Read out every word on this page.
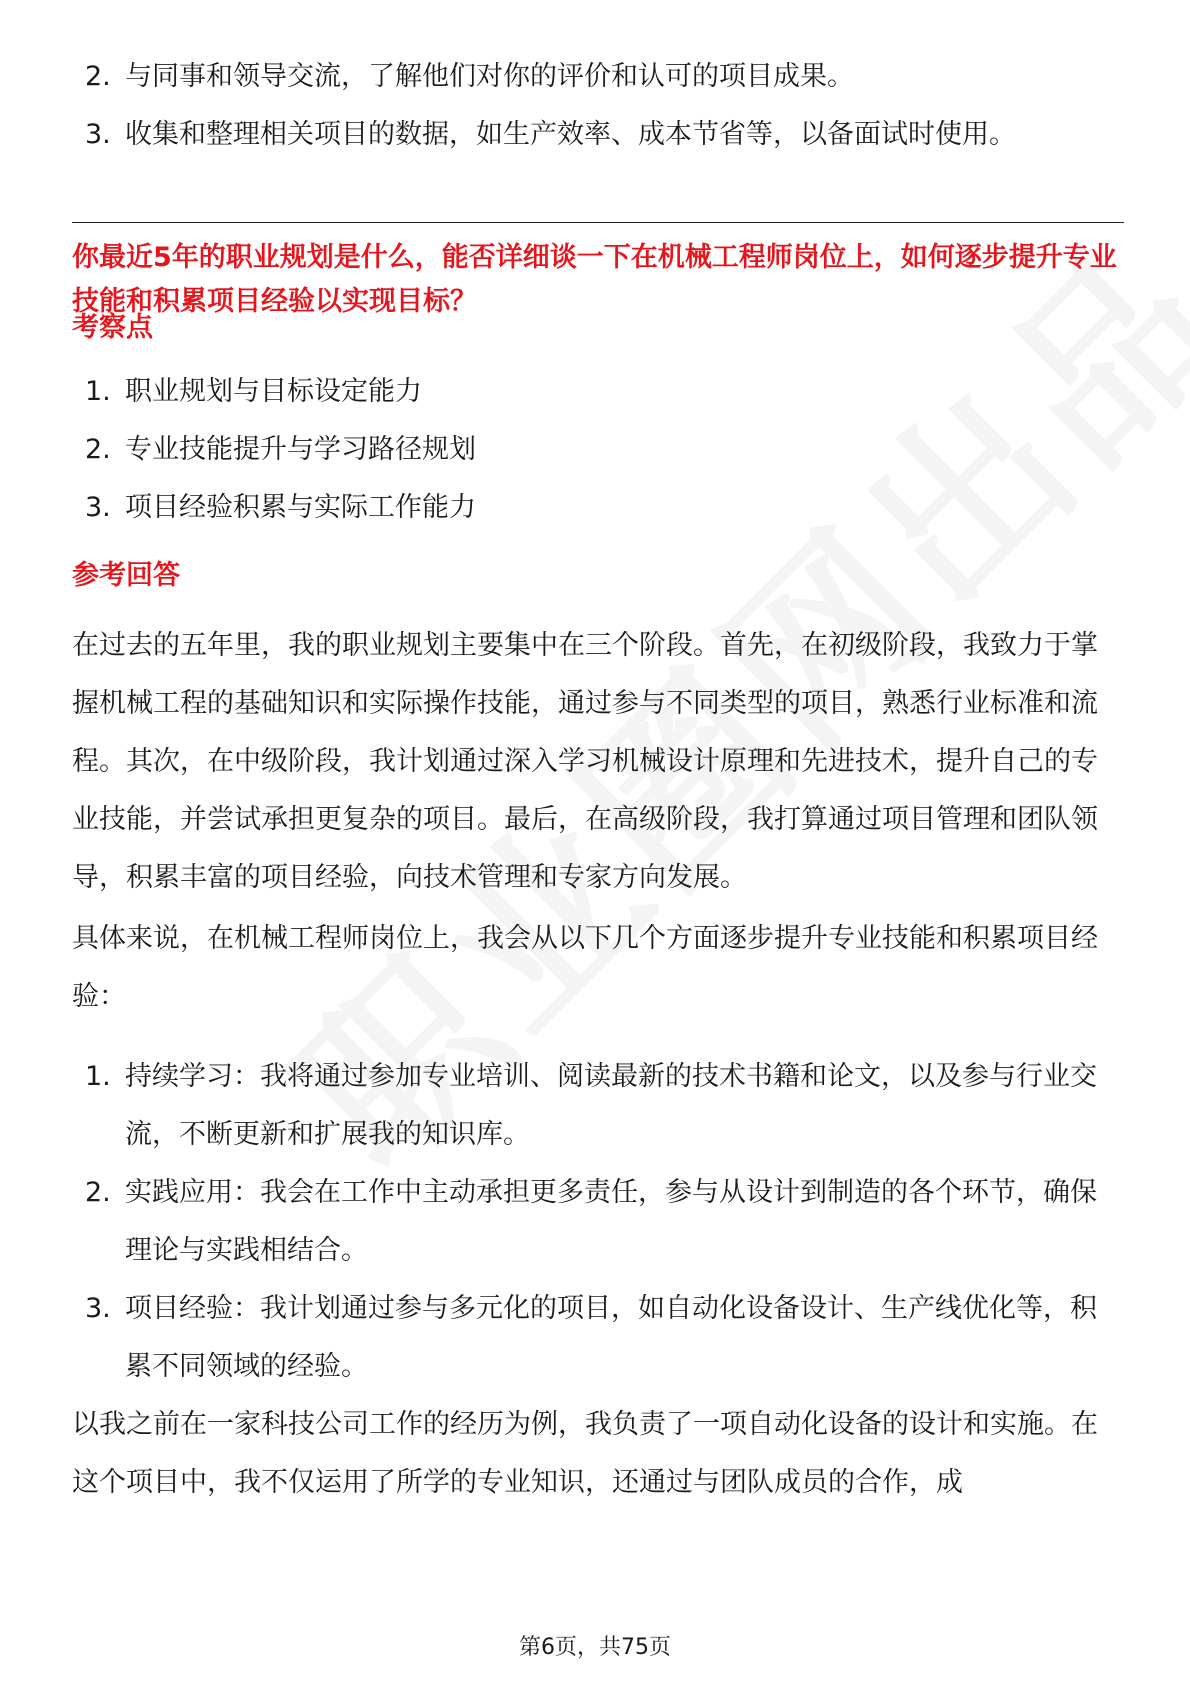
2. 与同事和领导交流，了解他们对你的评价和认可的项目成果。
3. 收集和整理相关项目的数据，如生产效率、成本节省等，以备面试时使用。
你最近5年的职业规划是什么，能否详细谈一下在机械工程师岗位上，如何逐步提升专业技能和积累项目经验以实现目标？
考察点
1. 职业规划与目标设定能力
2. 专业技能提升与学习路径规划
3. 项目经验积累与实际工作能力
参考回答

在过去的五年里，我的职业规划主要集中在三个阶段。首先，在初级阶段，我致力于掌握机械工程的基础知识和实际操作技能，通过参与不同类型的项目，熟悉行业标准和流程。其次，在中级阶段，我计划通过深入学习机械设计原理和先进技术，提升自己的专业技能，并尝试承担更复杂的项目。最后，在高级阶段，我打算通过项目管理和团队领导，积累丰富的项目经验，向技术管理和专家方向发展。

具体来说，在机械工程师岗位上，我会从以下几个方面逐步提升专业技能和积累项目经验：

1. 持续学习：我将通过参加专业培训、阅读最新的技术书籍和论文，以及参与行业交流，不断更新和扩展我的知识库。
2. 实践应用：我会在工作中主动承担更多责任，参与从设计到制造的各个环节，确保理论与实践相结合。
3. 项目经验：我计划通过参与多元化的项目，如自动化设备设计、生产线优化等，积累不同领域的经验。

以我之前在一家科技公司工作的经历为例，我负责了一项自动化设备的设计和实施。在这个项目中，我不仅运用了所学的专业知识，还通过与团队成员的合作，成

第6页，共75页
